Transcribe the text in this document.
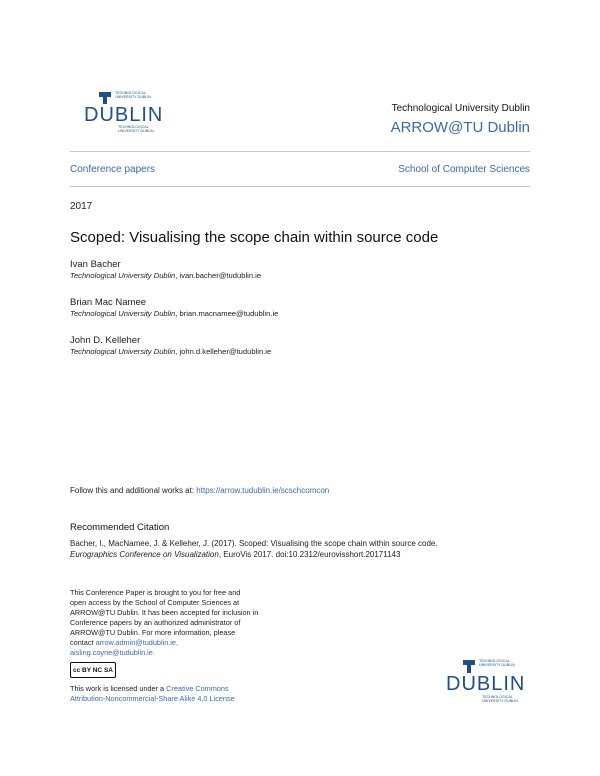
TECHNOLOGICAL UNIVERSITY DUBLIN
DUBLIN
TECHNOLOGICAL UNIVERSITY DUBLIN
Technological University Dublin
ARROW@TU Dublin
Conference papers	School of Computer Sciences
2017
Scoped: Visualising the scope chain within source code
Ivan Bacher
Technological University Dublin, ivan.bacher@tudublin.ie
Brian Mac Namee
Technological University Dublin, brian.macnamee@tudublin.ie
John D. Kelleher
Technological University Dublin, john.d.kelleher@tudublin.ie
Follow this and additional works at: https://arrow.tudublin.ie/scschcomcon
Recommended Citation
Bacher, I., MacNamee, J. & Kelleher, J. (2017). Scoped: Visualising the scope chain within source code.
Eurographics Conference on Visualization, EuroVis 2017. doi:10.2312/eurovisshort.20171143
This Conference Paper is brought to you for free and
open access by the School of Computer Sciences at
ARROW@TU Dublin. It has been accepted for inclusion in
Conference papers by an authorized administrator of
ARROW@TU Dublin. For more information, please
contact arrow.admin@tudublin.ie,
aisling.coyne@tudublin.ie.
cc BY NC SA
This work is licensed under a Creative Commons
Attribution-Noncommercial-Share Alike 4.0 License
TECHNOLOGICAL UNIVERSITY DUBLIN
DUBLIN
TECHNOLOGICAL UNIVERSITY DUBLIN
